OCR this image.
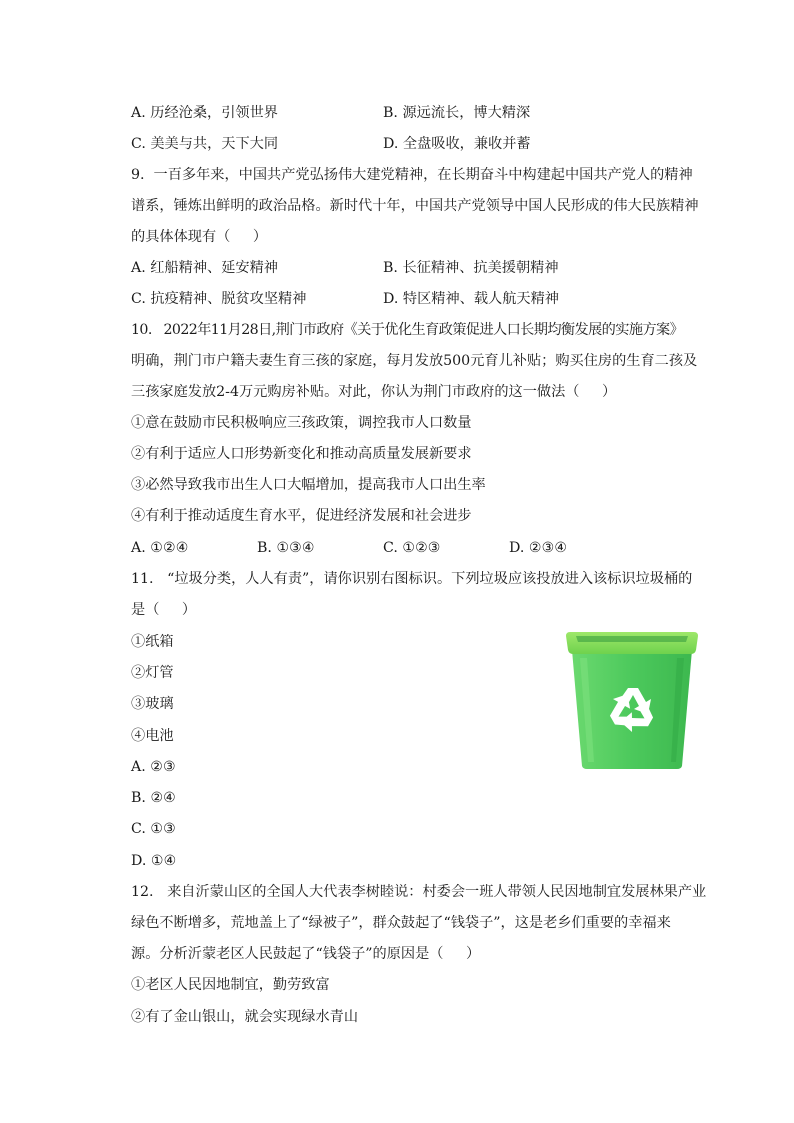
A. 历经沧桑，引领世界	B. 源远流长，博大精深
C. 美美与共，天下大同	D. 全盘吸收，兼收并蓄
9.  一百多年来，中国共产党弘扬伟大建党精神，在长期奋斗中构建起中国共产党人的精神
谱系，锤炼出鲜明的政治品格。新时代十年，中国共产党领导中国人民形成的伟大民族精神
的具体体现有（     ）
A. 红船精神、延安精神	B. 长征精神、抗美援朝精神
C. 抗疫精神、脱贫攻坚精神	D. 特区精神、载人航天精神
10.   2022年11月28日,荆门市政府《关于优化生育政策促进人口长期均衡发展的实施方案》
明确，荆门市户籍夫妻生育三孩的家庭，每月发放500元育儿补贴；购买住房的生育二孩及
三孩家庭发放2-4万元购房补贴。对此，你认为荆门市政府的这一做法（     ）
①意在鼓励市民积极响应三孩政策，调控我市人口数量
②有利于适应人口形势新变化和推动高质量发展新要求
③必然导致我市出生人口大幅增加，提高我市人口出生率
④有利于推动适度生育水平，促进经济发展和社会进步
A. ①②④	B. ①③④	C. ①②③	D. ②③④
11.   “垃圾分类，人人有责”，请你识别右图标识。下列垃圾应该投放进入该标识垃圾桶的
是（     ）
①纸箱
②灯管
③玻璃
④电池
A. ②③
B. ②④
C. ①③
D. ①④
12.   来自沂蒙山区的全国人大代表李树睦说：村委会一班人带领人民因地制宜发展林果产业
绿色不断增多，荒地盖上了“绿被子”，群众鼓起了“钱袋子”，这是老乡们重要的幸福来
源。分析沂蒙老区人民鼓起了“钱袋子”的原因是（     ）
①老区人民因地制宜，勤劳致富
②有了金山银山，就会实现绿水青山
